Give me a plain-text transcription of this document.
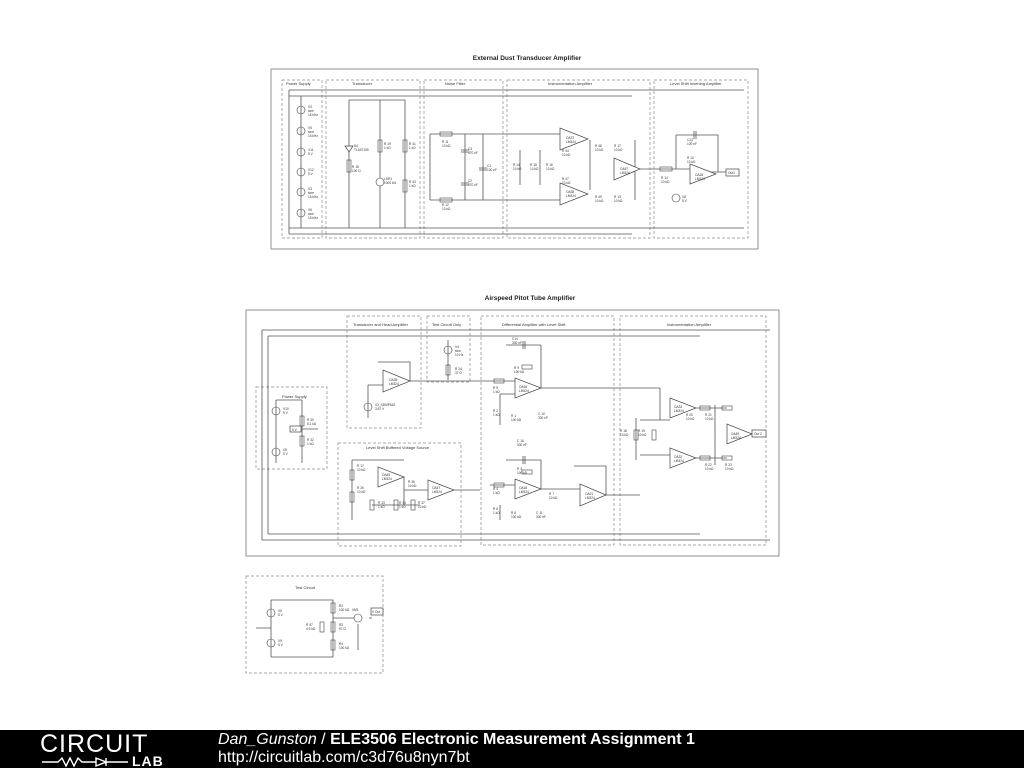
External Dust Transducer Amplifier
Power Supply	Transducer	Noise Filter	Instrumentation Amplifier	Level Shift Inverting Amplifier
V4 sine 15 kHz
V5 sine 15 kHz
V11 5 V
V12 5 V
V3 sine 15 kHz
V6 sine 15 kHz
D4 TL1B7105
R 18 100 Ω
R 19 1 kΩ
R 41 1 kΩ
LDR1 1000 kΩ	R 43 1 kΩ
R 11 10 kΩ
C3 470 nF
C1 100 nF
C2 470 nF
R 12 10 kΩ
OA37 LM324
OA38 LM324
OA57 LM324
R 14 10 kΩ
R 15 10 kΩ
R 16 10 kΩ
R 44 10 kΩ
R 47 10 kΩ
R 48 10 kΩ
R 17 10 kΩ
R 49 10 kΩ
R 13 10 kΩ
Out1
OA26 LM324
C13 100 nF
R 10 10 kΩ
R 14 10 kΩ
V8 5 V
Airspeed Pitot Tube Amplifier
Transducer and Head Amplifier	Test Circuit Only	Differential Amplifier with Level Shift	Instrumentation Amplifier
Power Supply
Level Shift Buffered Voltage Source
5 V
V10 5 V
V8 5 V
R 30 5.1 kΩ
R 32 1 kΩ
OA28 LM324
V3_SDMP610 3.87 V
V4 sine 10 Hz
R 24 37 Ω
OA45 LM324
OA47 LM324
R 17 10 kΩ
R 26 10 kΩ
R 33 1 kΩ
R 34 1 kΩ
R 36 10 kΩ
R 37 10 kΩ
OA16 LM324
OA18 LM324	OA21 LM324
C14 330 nF
R 9 100 kΩ
R 5 1 kΩ
R 2 1 kΩ	R 1 100 kΩ
C 10 330 nF
C 16 330 nF
R 3 100 kΩ
R 4 1 kΩ
R 6 1 kΩ	R 8 100 kΩ
R 7 10 kΩ
C 11 330 nF
Out 2
OA33 LM324
OA32 LM324
OA49 LM324
R 18 10 kΩ
R 19 10 kΩ
R 20 10 kΩ
R 21 10 kΩ
R 22 10 kΩ
R 23 10 kΩ
Test Circuit
V Out
VM1
V5 5 V
V9 5 V
R2 100 kΩ
R 57 4.9 kΩ
R3 97 Ω
R4 100 kΩ
CIRCUIT
LAB
Dan_Gunston / ELE3506 Electronic Measurement Assignment 1
http://circuitlab.com/c3d76u8nyn7bt
